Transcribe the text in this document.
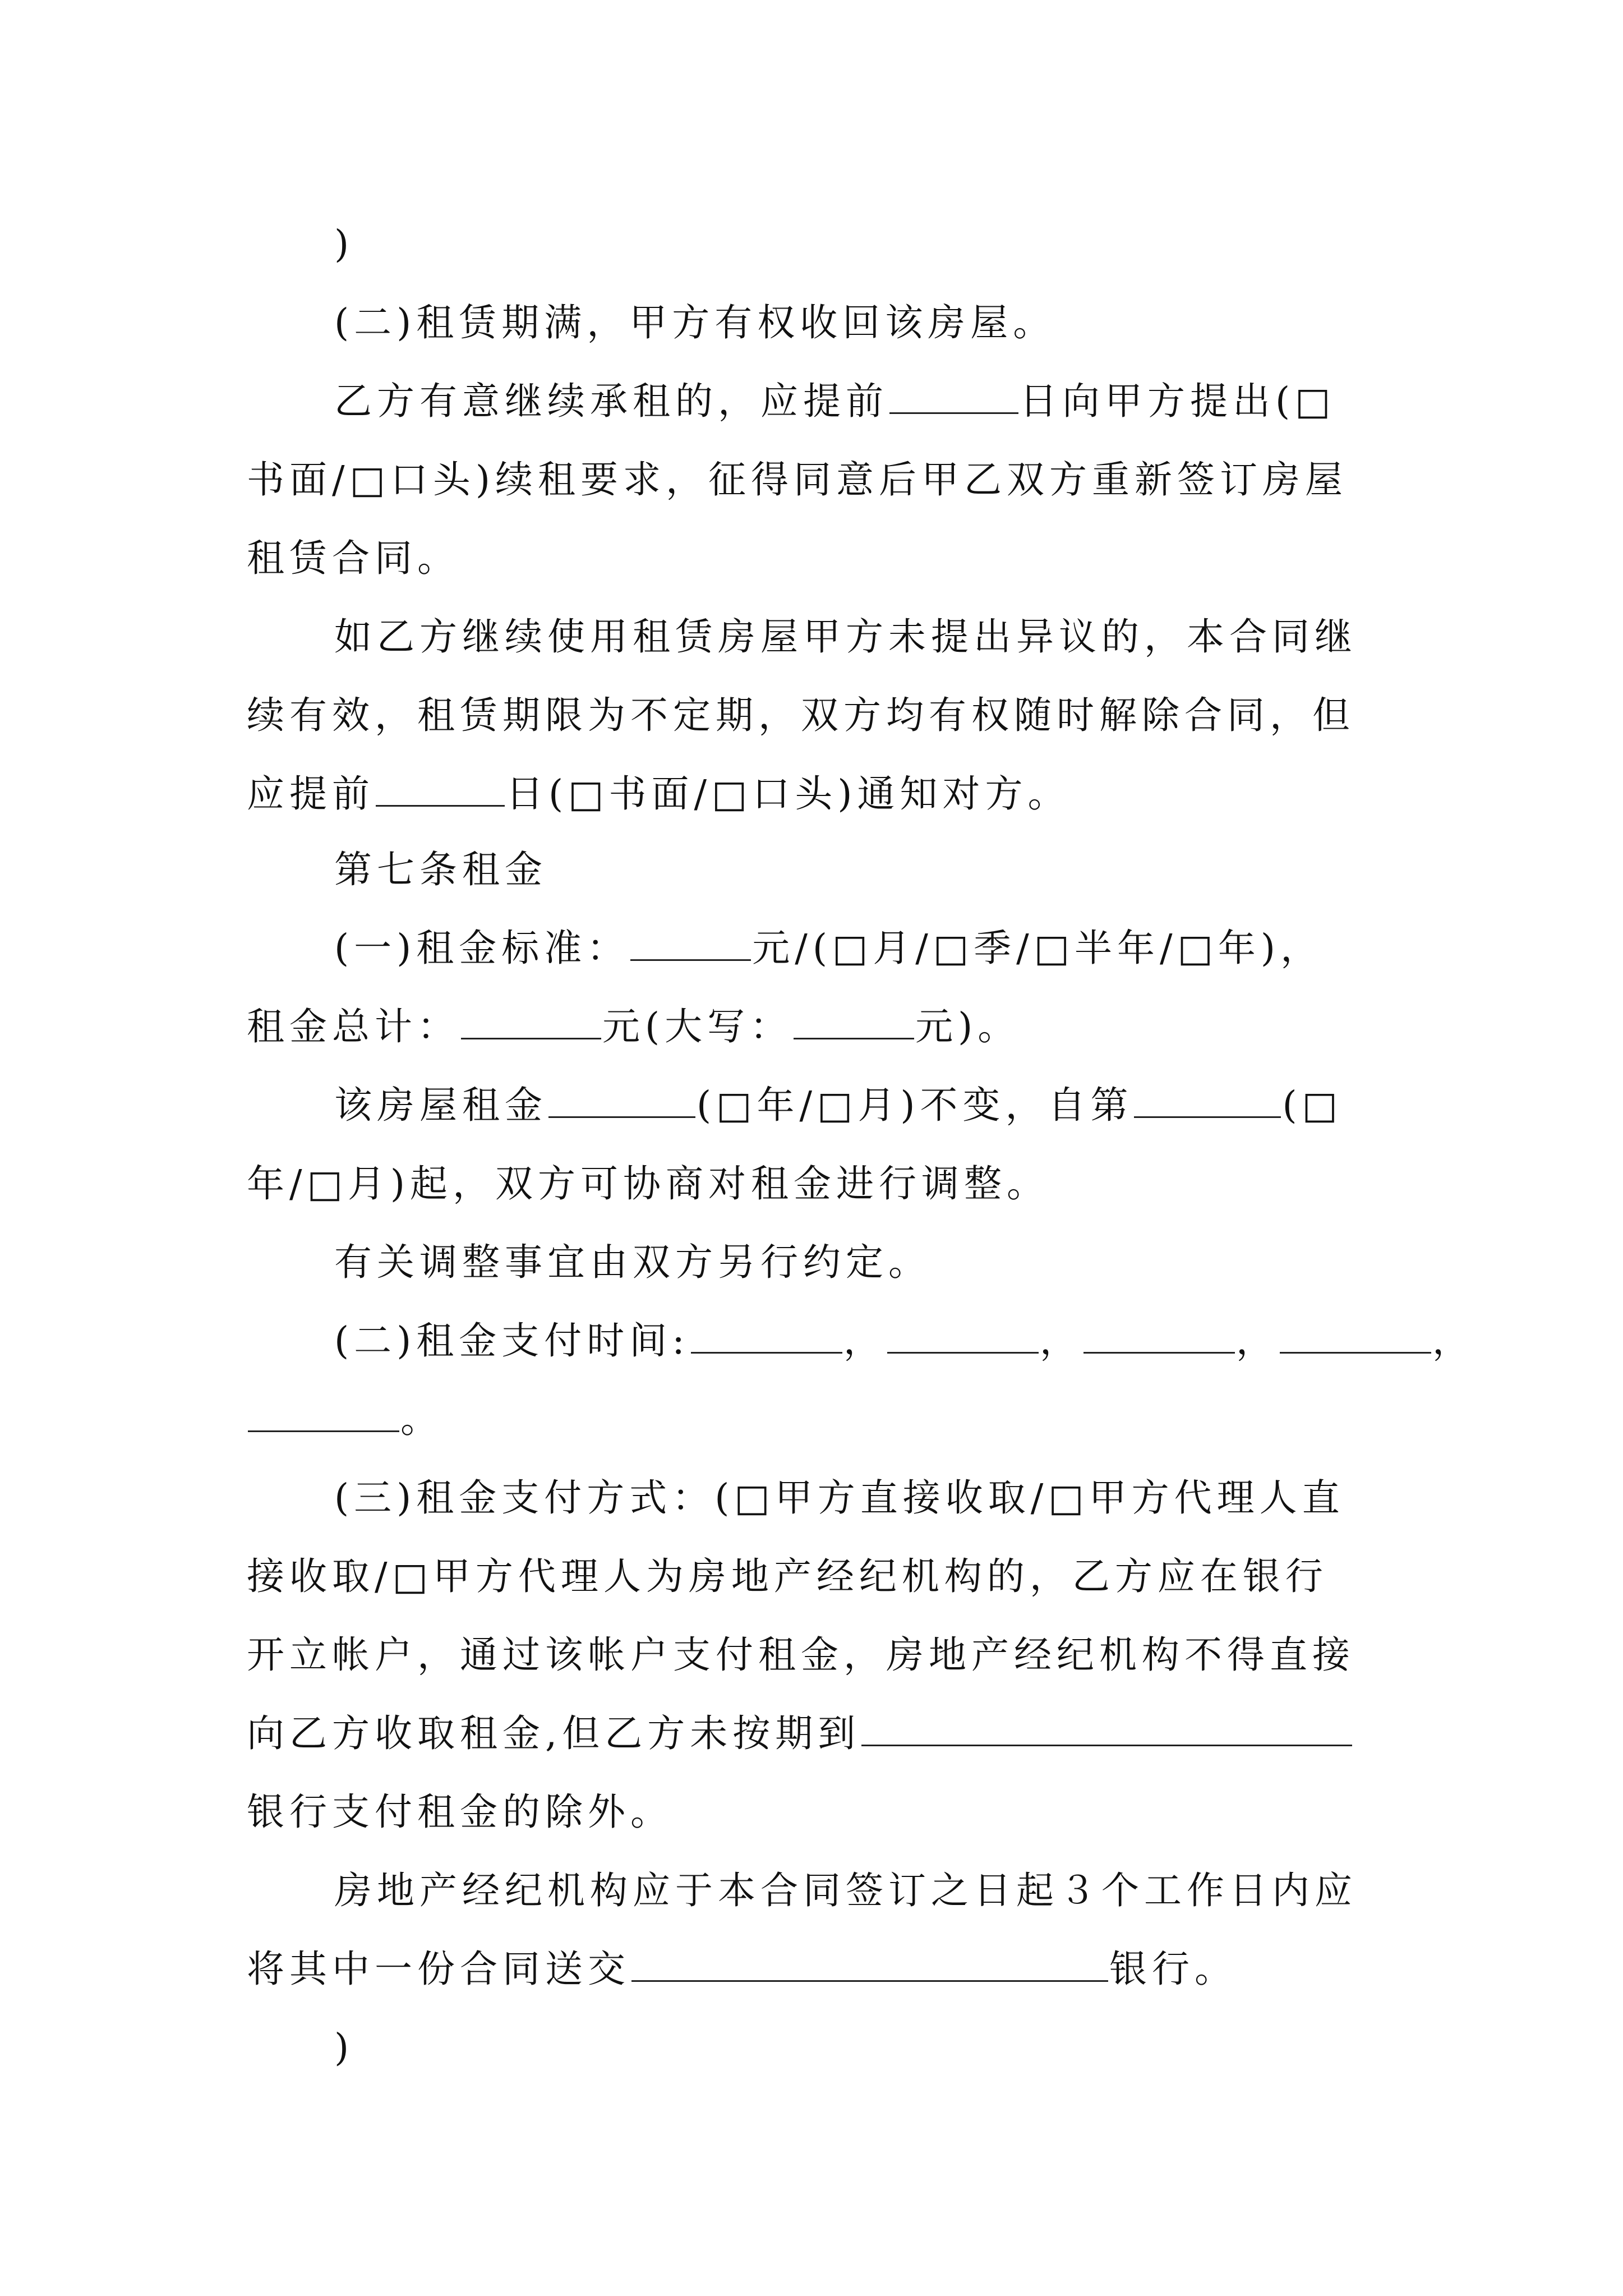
)
(二)租赁期满，甲方有权收回该房屋。
乙方有意继续承租的，应提前	日向甲方提出(□
书面/□口头)续租要求，征得同意后甲乙双方重新签订房屋
租赁合同。
如乙方继续使用租赁房屋甲方未提出异议的，本合同继
续有效，租赁期限为不定期，双方均有权随时解除合同，但
应提前	日(□书面/□口头)通知对方。
第七条租金
(一)租金标准：	元/(□月/□季/□半年/□年)，
租金总计：	元(大写：	元)。
该房屋租金	(□年/□月)不变，自第	(□
年/□月)起，双方可协商对租金进行调整。
有关调整事宜由双方另行约定。
(二)租金支付时间:	，	，	，	，
。
(三)租金支付方式：(□甲方直接收取/□甲方代理人直
接收取/□甲方代理人为房地产经纪机构的，乙方应在银行
开立帐户，通过该帐户支付租金，房地产经纪机构不得直接
向乙方收取租金,但乙方未按期到
银行支付租金的除外。
房地产经纪机构应于本合同签订之日起３个工作日内应
将其中一份合同送交	银行。
)
